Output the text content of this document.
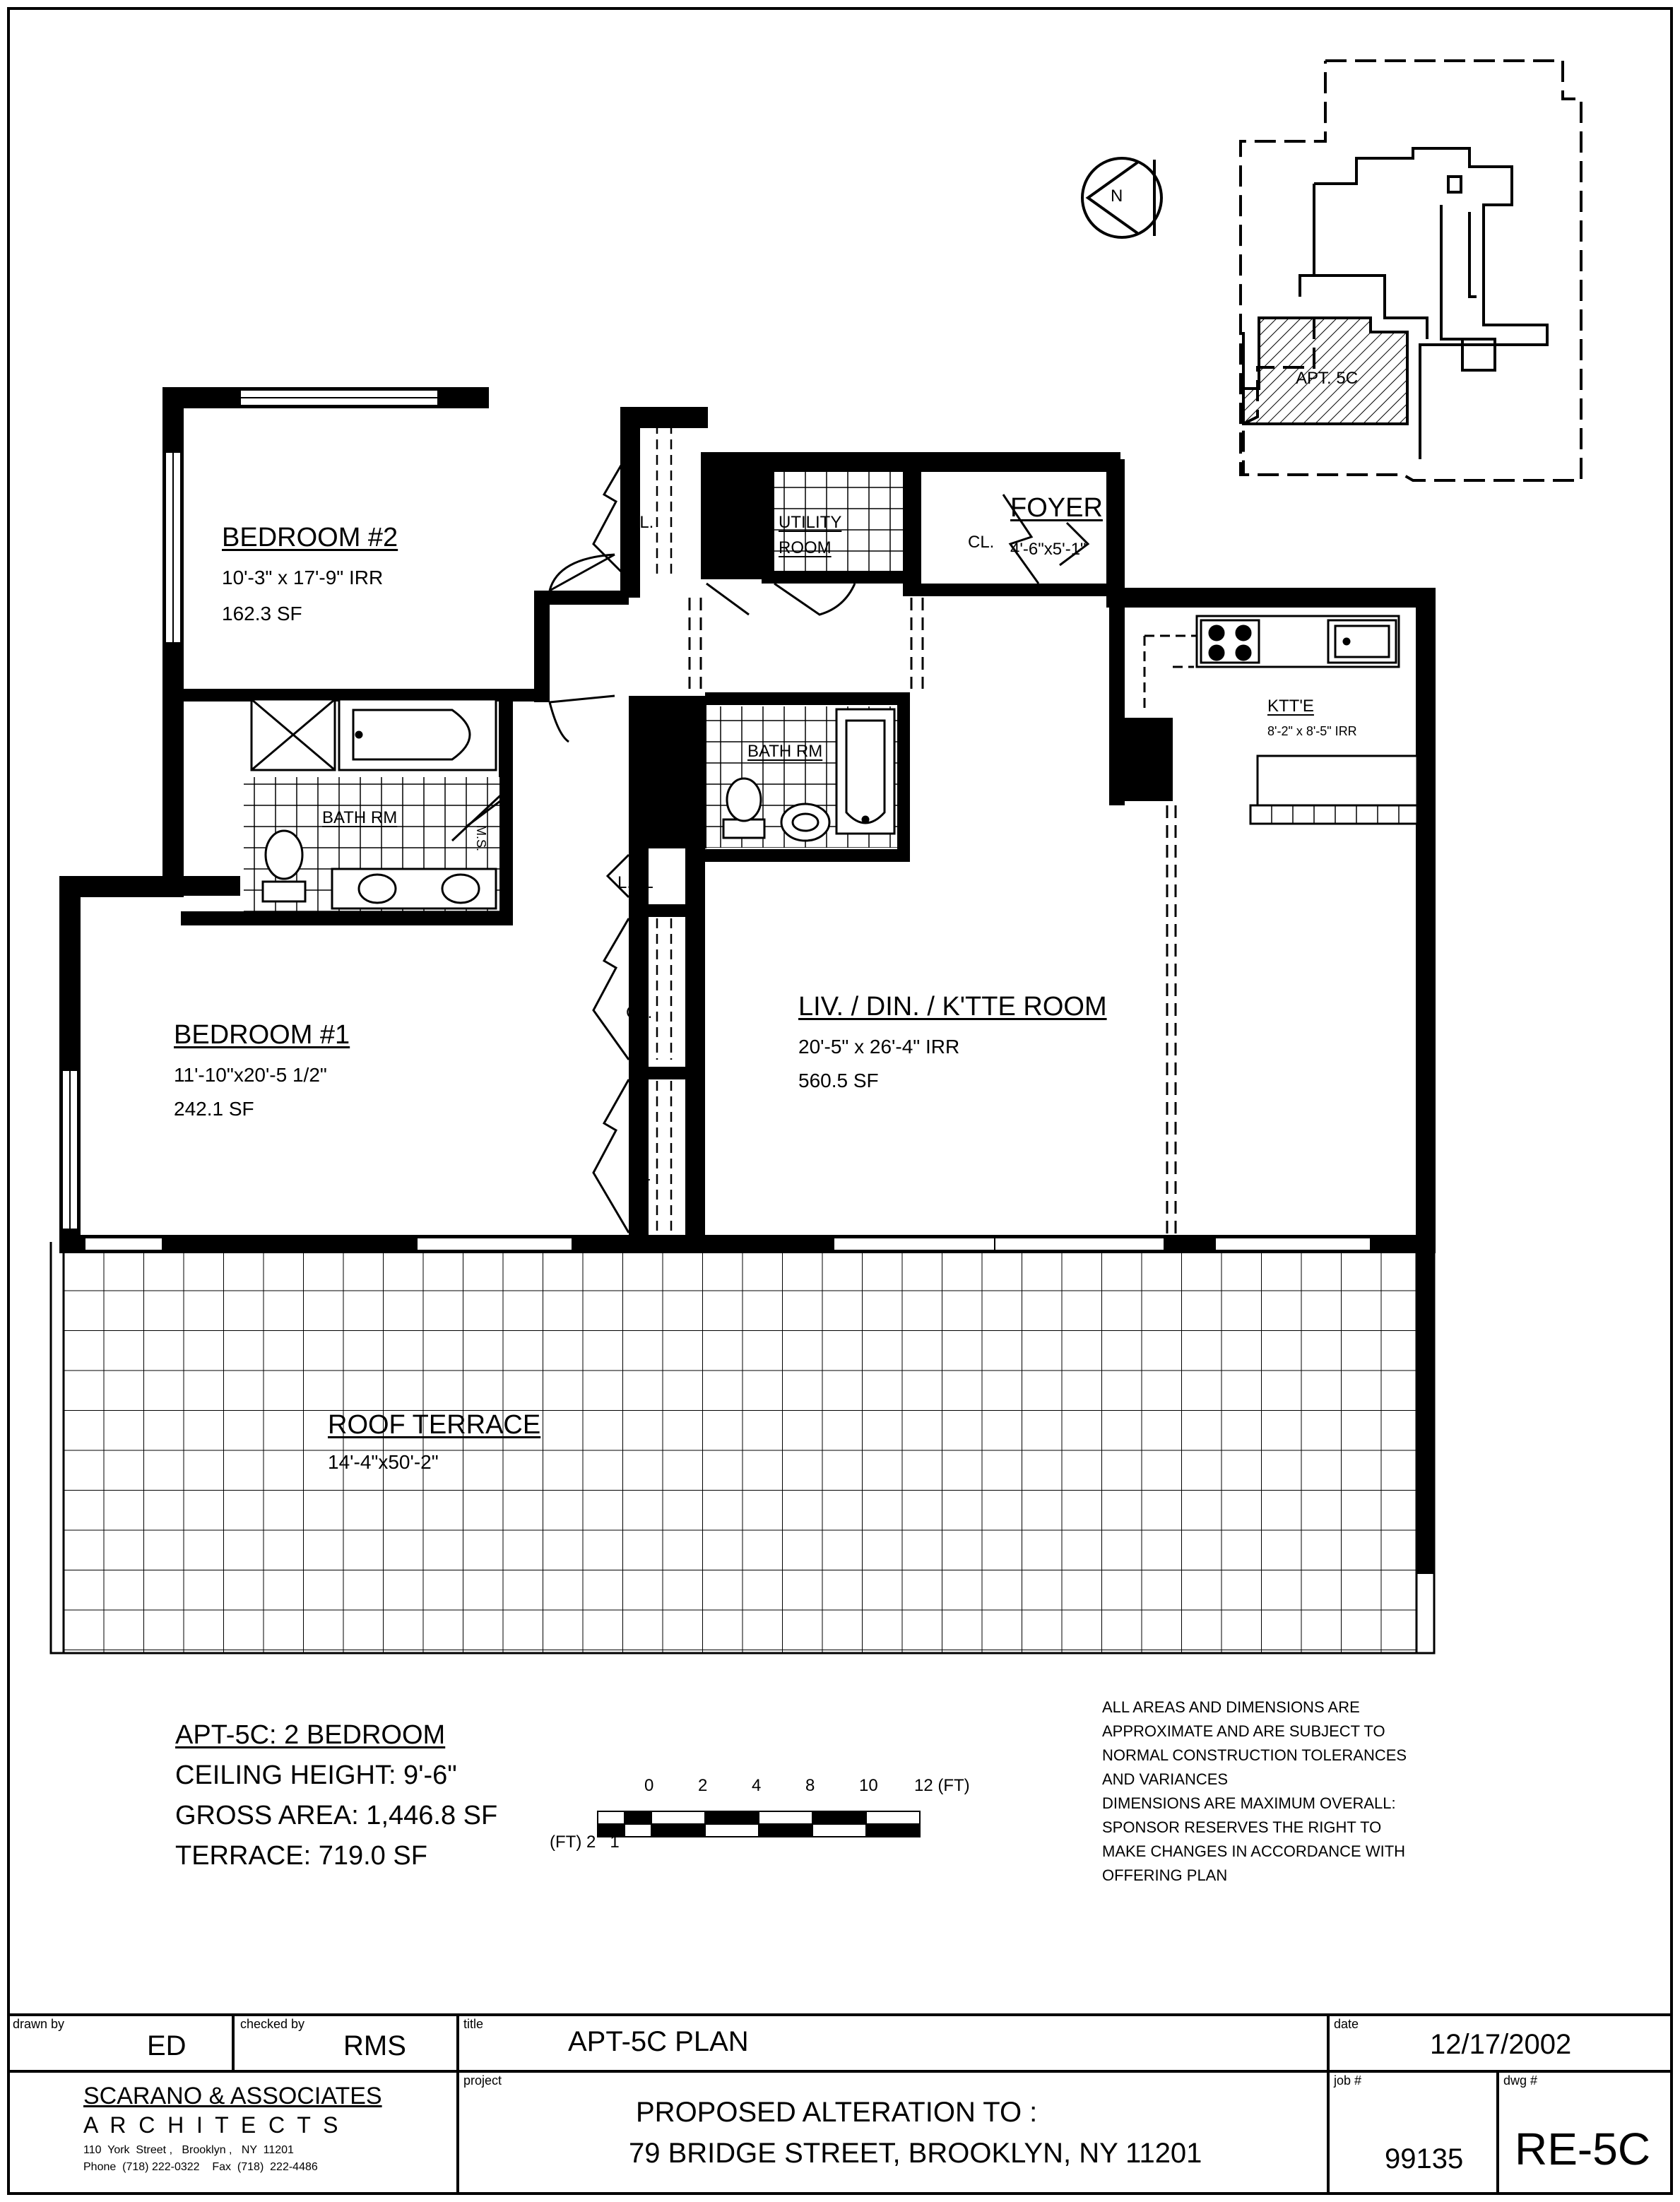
BEDROOM #2
10'-3" x 17'-9" IRR
162.3 SF
BEDROOM #1
11'-10"x20'-5 1/2"
242.1 SF
LIV. / DIN. / K'TTE ROOM
20'-5" x 26'-4" IRR
560.5 SF
KTT'E
8'-2" x 8'-5" IRR
FOYER
4'-6"x5'-1"
UTILITY
ROOM
BATH RM
BATH RM
CL.
L.CL.	CL.
L.CL
CL.
CL
M.S.
ROOF TERRACE
14'-4"x50'-2"
N
APT. 5C
APT-5C: 2 BEDROOM
CEILING HEIGHT: 9'-6"
GROSS AREA: 1,446.8 SF
TERRACE: 719.0 SF
0	2	4	8	10 12 (FT)
(FT) 2   1
ALL AREAS AND DIMENSIONS ARE
APPROXIMATE AND ARE SUBJECT TO
NORMAL CONSTRUCTION TOLERANCES
AND VARIANCES
DIMENSIONS ARE MAXIMUM OVERALL:
SPONSOR RESERVES THE RIGHT TO
MAKE CHANGES IN ACCORDANCE WITH
OFFERING PLAN
drawn by
ED
checked by
RMS
title
APT-5C PLAN
date
12/17/2002
SCARANO & ASSOCIATES
A  R  C  H  I  T  E  C  T  S
110  York  Street ,   Brooklyn ,   NY  11201
Phone  (718) 222-0322    Fax  (718)  222-4486
project
PROPOSED ALTERATION TO :
79 BRIDGE STREET, BROOKLYN, NY 11201
job #
99135
dwg #
RE-5C
